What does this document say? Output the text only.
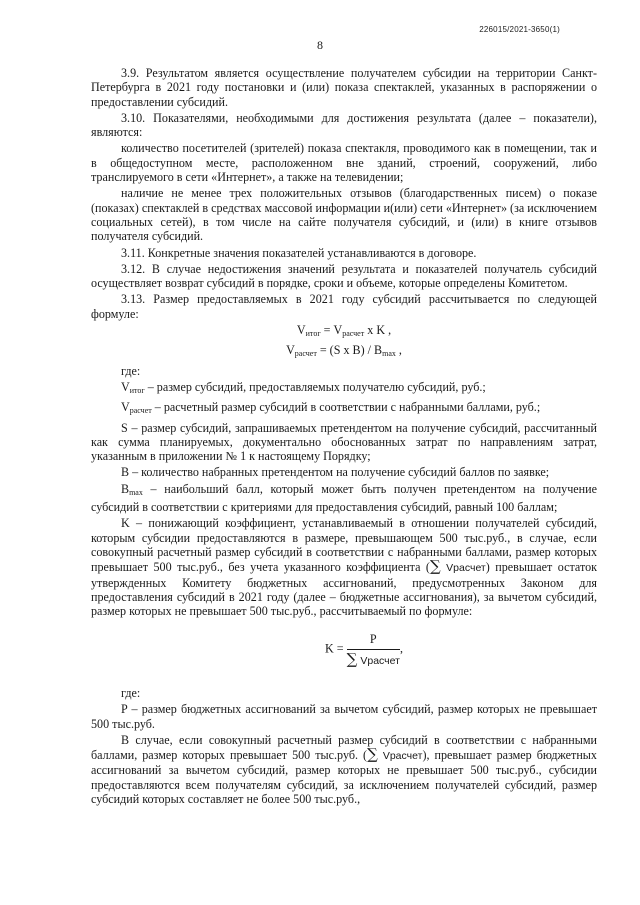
226015/2021-3650(1)
8

3.9. Результатом является осуществление получателем субсидии на территории Санкт-Петербурга в 2021 году постановки и (или) показа спектаклей, указанных в распоряжении о предоставлении субсидий.

3.10. Показателями, необходимыми для достижения результата (далее – показатели), являются:

количество посетителей (зрителей) показа спектакля, проводимого как в помещении, так и в общедоступном месте, расположенном вне зданий, строений, сооружений, либо транслируемого в сети «Интернет», а также на телевидении;

наличие не менее трех положительных отзывов (благодарственных писем) о показе (показах) спектаклей в средствах массовой информации и(или) сети «Интернет» (за исключением социальных сетей), в том числе на сайте получателя субсидий, и (или) в книге отзывов получателя субсидий.

3.11. Конкретные значения показателей устанавливаются в договоре.

3.12. В случае недостижения значений результата и показателей получатель субсидий осуществляет возврат субсидий в порядке, сроки и объеме, которые определены Комитетом.

3.13. Размер предоставляемых в 2021 году субсидий рассчитывается по следующей формуле:

$V_{итог} = V_{расчет}$ x K ,

$V_{расчет} = (S$ x $B) / B_{max}$ ,

где:

$V_{итог}$ – размер субсидий, предоставляемых получателю субсидий, руб.;

$V_{расчет}$ – расчетный размер субсидий в соответствии с набранными баллами, руб.;

S – размер субсидий, запрашиваемых претендентом на получение субсидий, рассчитанный как сумма планируемых, документально обоснованных затрат по направлениям затрат, указанным в приложении № 1 к настоящему Порядку;

B – количество набранных претендентом на получение субсидий баллов по заявке;

$B_{max}$ – наибольший балл, который может быть получен претендентом на получение субсидий в соответствии с критериями для предоставления субсидий, равный 100 баллам;

K – понижающий коэффициент, устанавливаемый в отношении получателей субсидий, которым субсидии предоставляются в размере, превышающем 500 тыс.руб., в случае, если совокупный расчетный размер субсидий в соответствии с набранными баллами, размер которых превышает 500 тыс.руб., без учета указанного коэффициента (∑ Vрасчет) превышает остаток утвержденных Комитету бюджетных ассигнований, предусмотренных Законом для предоставления субсидий в 2021 году (далее – бюджетные ассигнования), за вычетом субсидий, размер которых не превышает 500 тыс.руб., рассчитываемый по формуле:

$K = \frac{P}{\text{∑ Vрасчет}}$ ,

где:

P – размер бюджетных ассигнований за вычетом субсидий, размер которых не превышает 500 тыс.руб.

В случае, если совокупный расчетный размер субсидий в соответствии с набранными баллами, размер которых превышает 500 тыс.руб. (∑ Vрасчет), превышает размер бюджетных ассигнований за вычетом субсидий, размер которых не превышает 500 тыс.руб., субсидии предоставляются всем получателям субсидий, за исключением получателей субсидий, размер субсидий которых составляет не более 500 тыс.руб.,
